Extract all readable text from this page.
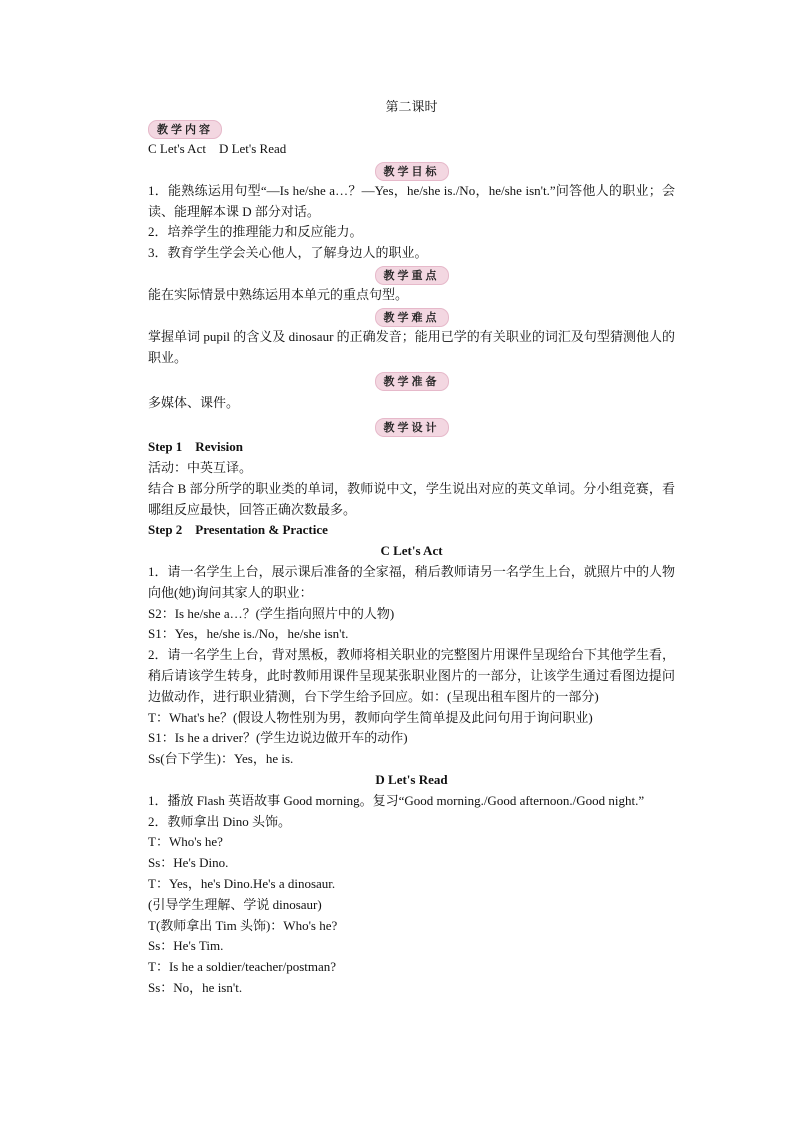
第二课时

教学内容

C Let's Act    D Let's Read

教学目标

1．能熟练运用句型“—Is he/she a…？—Yes，he/she is./No，he/she isn't.”问答他人的职业；会读、能理解本课 D 部分对话。

2．培养学生的推理能力和反应能力。

3．教育学生学会关心他人，了解身边人的职业。

教学重点

能在实际情景中熟练运用本单元的重点句型。

教学难点

掌握单词 pupil 的含义及 dinosaur 的正确发音；能用已学的有关职业的词汇及句型猜测他人的职业。

教学准备

多媒体、课件。

教学设计

Step 1    Revision

活动：中英互译。

结合 B 部分所学的职业类的单词，教师说中文，学生说出对应的英文单词。分小组竞赛，看哪组反应最快，回答正确次数最多。

Step 2    Presentation & Practice

C Let's Act

1．请一名学生上台，展示课后准备的全家福，稍后教师请另一名学生上台，就照片中的人物向他(她)询问其家人的职业：

S2：Is he/she a…？(学生指向照片中的人物)

S1：Yes，he/she is./No，he/she isn't.

2．请一名学生上台，背对黑板，教师将相关职业的完整图片用课件呈现给台下其他学生看，稍后请该学生转身，此时教师用课件呈现某张职业图片的一部分，让该学生通过看图边提问边做动作，进行职业猜测，台下学生给予回应。如：(呈现出租车图片的一部分)

T：What's he？(假设人物性别为男，教师向学生简单提及此问句用于询问职业)

S1：Is he a driver？(学生边说边做开车的动作)

Ss(台下学生)：Yes，he is.

D Let's Read

1．播放 Flash 英语故事 Good morning。复习“Good morning./Good afternoon./Good night.”

2．教师拿出 Dino 头饰。

T：Who's he?

Ss：He's Dino.

T：Yes，he's Dino.He's a dinosaur.

(引导学生理解、学说 dinosaur)

T(教师拿出 Tim 头饰)：Who's he?

Ss：He's Tim.

T：Is he a soldier/teacher/postman?

Ss：No，he isn't.
